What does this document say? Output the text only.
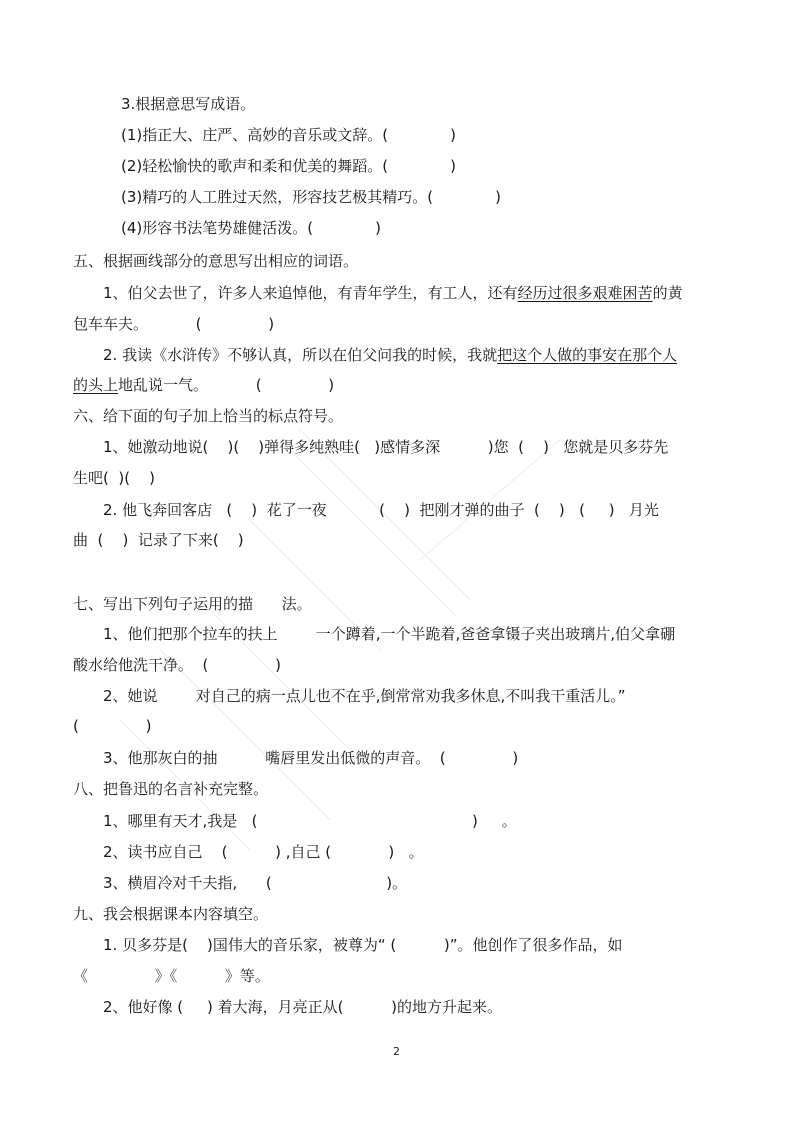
3.根据意思写成语。
(1)指正大、庄严、高妙的音乐或文辞。(             )
(2)轻松愉快的歌声和柔和优美的舞蹈。(             )
(3)精巧的人工胜过天然，形容技艺极其精巧。(             )
(4)形容书法笔势雄健活泼。(             )
五、根据画线部分的意思写出相应的词语。
1、伯父去世了，许多人来追悼他，有青年学生，有工人，还有经历过很多艰难困苦的黄
包车车夫。          (              )
2. 我读《水浒传》不够认真，所以在伯父问我的时候，我就把这个人做的事安在那个人
的头上地乱说一气。          (              )
六、给下面的句子加上恰当的标点符号。
1、她激动地说(    )(    )弹得多纯熟哇(   )感情多深          )您  (    )   您就是贝多芬先
生吧(  )(    )
2. 他飞奔回客店   (    )  花了一夜           (    )  把刚才弹的曲子  (    )   (     )   月光
曲  (    )  记录了下来(    )
七、写出下列句子运用的描      法。
1、他们把那个拉车的扶上        一个蹲着,一个半跪着,爸爸拿镊子夹出玻璃片,伯父拿硼
酸水给他洗干净。  (              )
2、她说        对自己的病一点儿也不在乎,倒常常劝我多休息,不叫我干重活儿。”
(              )
3、他那灰白的抽          嘴唇里发出低微的声音。  (              )
八、把鲁迅的名言补充完整。
1、哪里有天才,我是   (                                             )     。
2、读书应自己    (          ) ,自己 (            )   。
3、横眉冷对千夫指,      (                        )。
九、我会根据课本内容填空。
1. 贝多芬是(    )国伟大的音乐家，被尊为“ (          )”。他创作了很多作品，如
《              》《          》等。
2、他好像 (     ) 着大海，月亮正从(          )的地方升起来。
2
